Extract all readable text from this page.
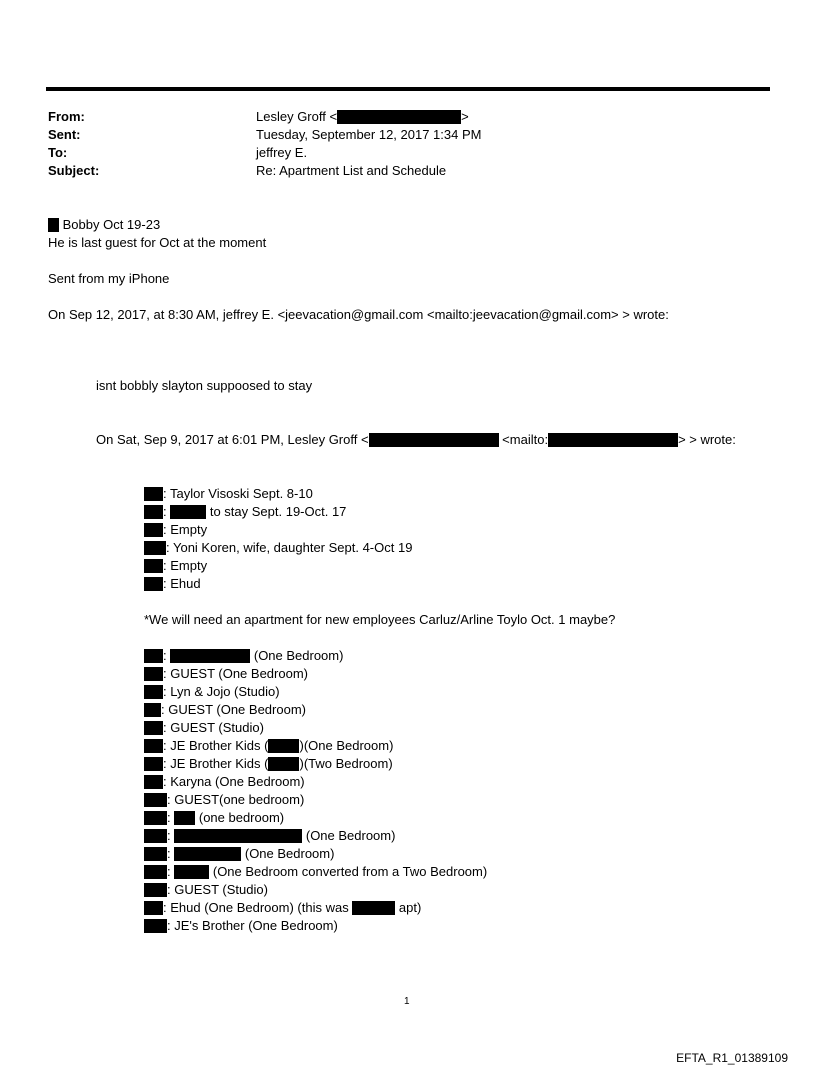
From:	Lesley Groff <	>
Sent:	Tuesday, September 12, 2017 1:34 PM
To:	jeffrey E.
Subject:	Re: Apartment List and Schedule
Bobby Oct 19-23
He is last guest for Oct at the moment
Sent from my iPhone
On Sep 12, 2017, at 8:30 AM, jeffrey E. <jeevacation@gmail.com <mailto:jeevacation@gmail.com> > wrote:
isnt bobbly slayton suppoosed to stay
On Sat, Sep 9, 2017 at 6:01 PM, Lesley Groff <	<mailto:	> > wrote:
: Taylor Visoski Sept. 8-10
:	to stay Sept. 19-Oct. 17
: Empty
: Yoni Koren, wife, daughter Sept. 4-Oct 19
: Empty
: Ehud
*We will need an apartment for new employees Carluz/Arline Toylo Oct. 1 maybe?
:	(One Bedroom)
: GUEST (One Bedroom)
: Lyn & Jojo (Studio)
: GUEST (One Bedroom)
: GUEST (Studio)
: JE Brother Kids ( )(One Bedroom)
: JE Brother Kids ( )(Two Bedroom)
: Karyna (One Bedroom)
: GUEST(one bedroom)
:  (one bedroom)
:	(One Bedroom)
:	(One Bedroom)
:	(One Bedroom converted from a Two Bedroom)
: GUEST (Studio)
: Ehud (One Bedroom) (this was	apt)
: JE's Brother (One Bedroom)
1
EFTA_R1_01389109
